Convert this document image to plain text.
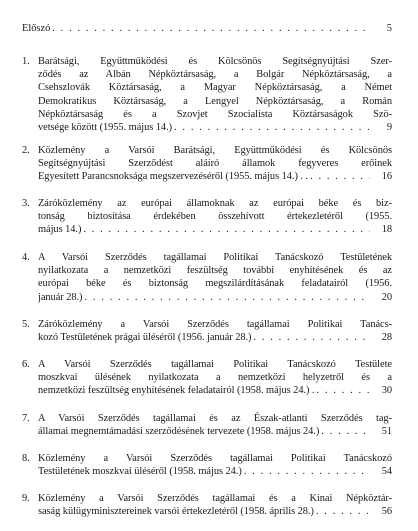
Előszó . . .	5
1. Barátsági, Együttműködési és Kölcsönös Segítségnyújtási Szer-
ződés az Albán Népköztársaság, a Bolgár Népköztársaság, a
Csehszlovák Köztársaság, a Magyar Népköztársaság, a Német
Demokratikus Köztársaság, a Lengyel Népköztársaság, a Román
Népköztársaság és a Szovjet Szocialista Köztársaságok Szö-
vetsége között (1955. május 14.) . . .	9
2. Közlemény a Varsói Barátsági, Együttműködési és Kölcsönös
Segítségnyújtási Szerződést aláíró államok fegyveres erőinek
Egyesített Parancsnoksága megszervezéséről (1955. május 14.) . . . . .	16
3. Záróközlemény az európai államoknak az európai béke és biz-
tonság biztosítása érdekében összehívott értekezletéről (1955.
május 14.) . . .	18
4. A Varsói Szerződés tagállamai Politikai Tanácskozó Testületének
nyilatkozata a nemzetközi feszültség további enyhítésének és az
európai béke és biztonság megszilárdításának feladatairól (1956.
január 28.) . . .	20
5. Záróközlemény a Varsói Szerződés tagállamai Politikai Tanács-
kozó Testületének prágai üléséről (1956. január 28.) . . .	28
6. A Varsói Szerződés tagállamai Politikai Tanácskozó Testülete
moszkvai ülésének nyilatkozata a nemzetközi helyzetről és a
nemzetközi feszültség enyhítésének feladatairól (1958. május 24.) . . . .	30
7. A Varsói Szerződés tagállamai és az Észak-atlanti Szerződés tag-
államai megnemtámadási szerződésének tervezete (1958. május 24.) . . .	51
8. Közlemény a Varsói Szerződés tagállamai Politikai Tanácskozó
Testületének moszkvai üléséről (1958. május 24.) . . .	54
9. Közlemény a Varsói Szerződés tagállamai és a Kínai Népköztár-
saság külügyminisztereinek varsói értekezletéről (1958. április 28.) . . .	56
